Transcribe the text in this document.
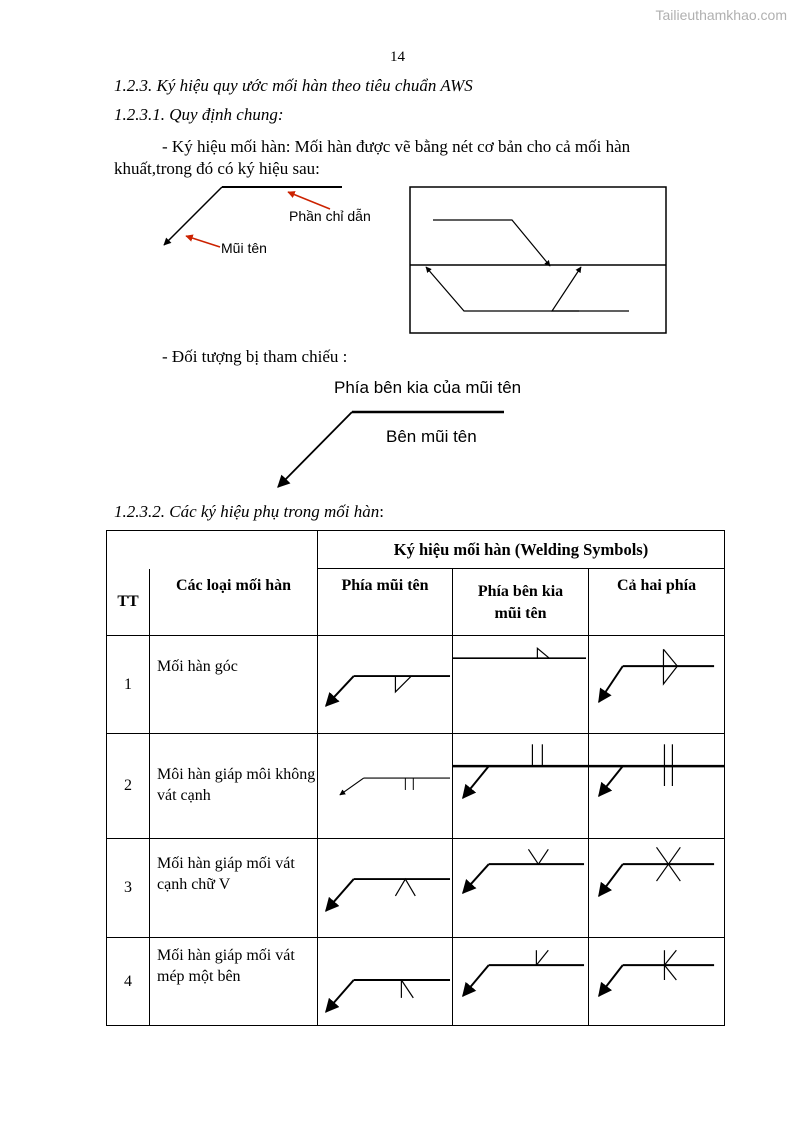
Tailieuthamkhao.com
14
1.2.3. Ký hiệu quy ước mối hàn theo tiêu chuẩn AWS
1.2.3.1. Quy định chung:
- Ký hiệu mối hàn: Mối hàn được vẽ bằng nét cơ bản cho cả mối hàn
khuất,trong đó có ký hiệu sau:
Phần chỉ dẫn
Mũi tên
- Đối tượng bị tham chiếu :
Phía bên kia của mũi tên
Bên mũi tên
1.2.3.2. Các ký hiệu phụ trong mối hàn:
		Ký hiệu mối hàn (Welding Symbols)		
TT	Các loại mối hàn	Phía mũi tên	Phía bên kia mũi tên	Cả hai phía
1	Mối hàn góc	

2	Môi hàn giáp môi không vát cạnh	

3	Mối hàn giáp mối vát cạnh chữ V	

4	Mối hàn giáp mối vát mép một bên	
